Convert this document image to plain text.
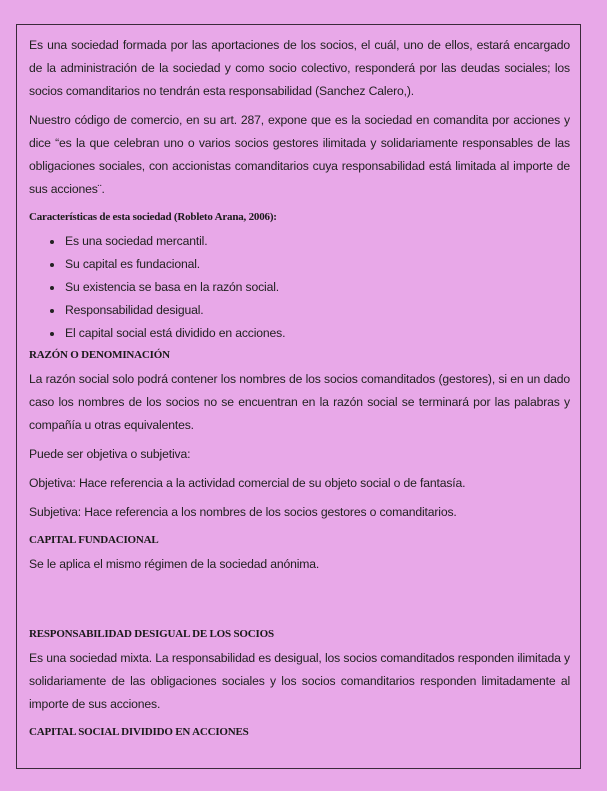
Es una sociedad formada por las aportaciones de los socios, el cuál, uno de ellos, estará encargado de la administración de la sociedad y como socio colectivo, responderá por las deudas sociales; los socios comanditarios no tendrán esta responsabilidad (Sanchez Calero,).

Nuestro código de comercio, en su art. 287, expone que es la sociedad en comandita por acciones y dice “es la que celebran uno o varios socios gestores ilimitada y solidariamente responsables de las obligaciones sociales, con accionistas comanditarios cuya responsabilidad está limitada al importe de sus acciones¨.

Características de esta sociedad (Robleto Arana, 2006):
Es una sociedad mercantil.
Su capital es fundacional.
Su existencia se basa en la razón social.
Responsabilidad desigual.
El capital social está dividido en acciones.
RAZÓN O DENOMINACIÓN

La razón social solo podrá contener los nombres de los socios comanditados (gestores), si en un dado caso los nombres de los socios no se encuentran en la razón social se terminará por las palabras y compañía u otras equivalentes.

Puede ser objetiva o subjetiva:

Objetiva: Hace referencia a la actividad comercial de su objeto social o de fantasía.

Subjetiva: Hace referencia a los nombres de los socios gestores o comanditarios.

CAPITAL FUNDACIONAL

Se le aplica el mismo régimen de la sociedad anónima.

RESPONSABILIDAD DESIGUAL DE LOS SOCIOS

Es una sociedad mixta. La responsabilidad es desigual, los socios comanditados responden ilimitada y solidariamente de las obligaciones sociales y los socios comanditarios responden limitadamente al importe de sus acciones.

CAPITAL SOCIAL DIVIDIDO EN ACCIONES
